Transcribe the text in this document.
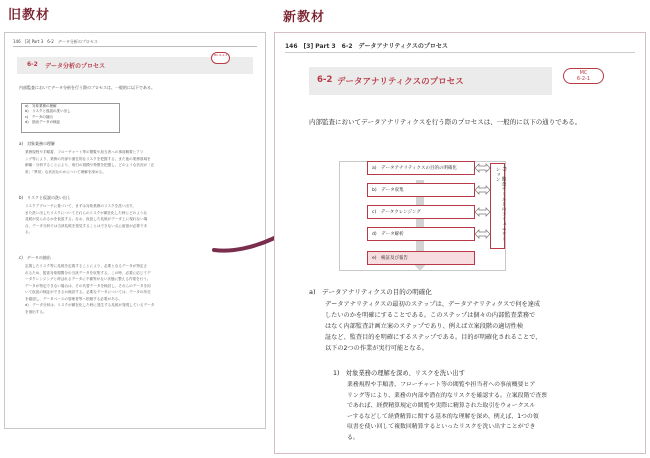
旧教材	新教材
146　[3] Part 3　6-2　データ分析のプロセス
6-2 データ分析のプロセス
MC 6-2-1
内部監査においてデータ分析を行う際のプロセスは、一般的に以下である。
a)　対象業務の理解
b)　リスクと仮説の洗い出し
c)　データの抽出
d)　抽出データの検証
a)　対象業務の理解
業務規程や手順書、フローチャート等の閲覧や担当者への事前概要ヒアリ
ング等により、業務の内部や潜在的なリスクを把握する。また他の業務領域を
俯瞰・分析することにより、取引の規模や特徴を把握し、どのような状況が「正
常」「異常」な状況なのかについて理解を深める。
b)　リスクと仮説の洗い出し
リスクアプローチに基づいて、まずは対象業務のリスクを洗い出す。
また洗い出したリスクについてそれらのリスクが顕在化した時にどのような
兆候が見られるかを仮説する。なお、仮説した兆候がデータ上に現れない場
合、データ分析では当該兆候を発見することはできない点に留意が必要であ
る。
c)　データの抽出
定義したリスク等に兆候を定義することにより、必要となるデータが特定さ
れるため、監査対象期間分の当該データを収集する。この時、必要に応じてデ
ータクレンジングと呼ばれるデータに不備等がない状態に整える作業を行う。
データが特定できない場合は、その代替データを検討し、それらのデータを用
いて仮説の検証ができるか検討する。必要なデータについては、データの所在
を確認し、データベースの管理者等へ依頼する必要がある。
d)　データ分析は、リスクが顕在化した時に発生する兆候が発現しているデータ
を抽出する。
146　[3] Part 3　6-2　データアナリティクスのプロセス
6-2 データアナリティクスのプロセス
MC
6-2-1
内部監査においてデータアナリティクスを行う際のプロセスは、一般的に以下の通りである。
a)　データアナリティクスの目的の明確化
b)　データ収集
c)　データクレンジング
d)　データ解析
e)　検証及び報告
f)　監査チームとのコミュニケーション
a)　データアナリティクスの目的の明確化
データアナリティクスの最初のステップは、データアナリティクスで何を達成
したいのかを明確にすることである。このステップは個々の内部監査業務で
はなく内部監査計画立案のステップであり、例えば立案段階の適切性検
証など、監査目的を明確にするステップである。目的が明確化されることで、
以下の2つの作業が実行可能となる。
1)　対象業務の理解を深め、リスクを洗い出す
業務規程や手順書、フローチャート等の閲覧や担当者への事前概要ヒア
リング等により、業務の内部や潜在的なリスクを確認する。立案段階で査票
であれば、経費精算規定の閲覧や実際に精算された取引をウォークスル
ーするなどして経費精算に関する基本的な理解を深め、例えば、1つの領
収書を使い回して複数回精算するといったリスクを洗い出すことができ
る。
